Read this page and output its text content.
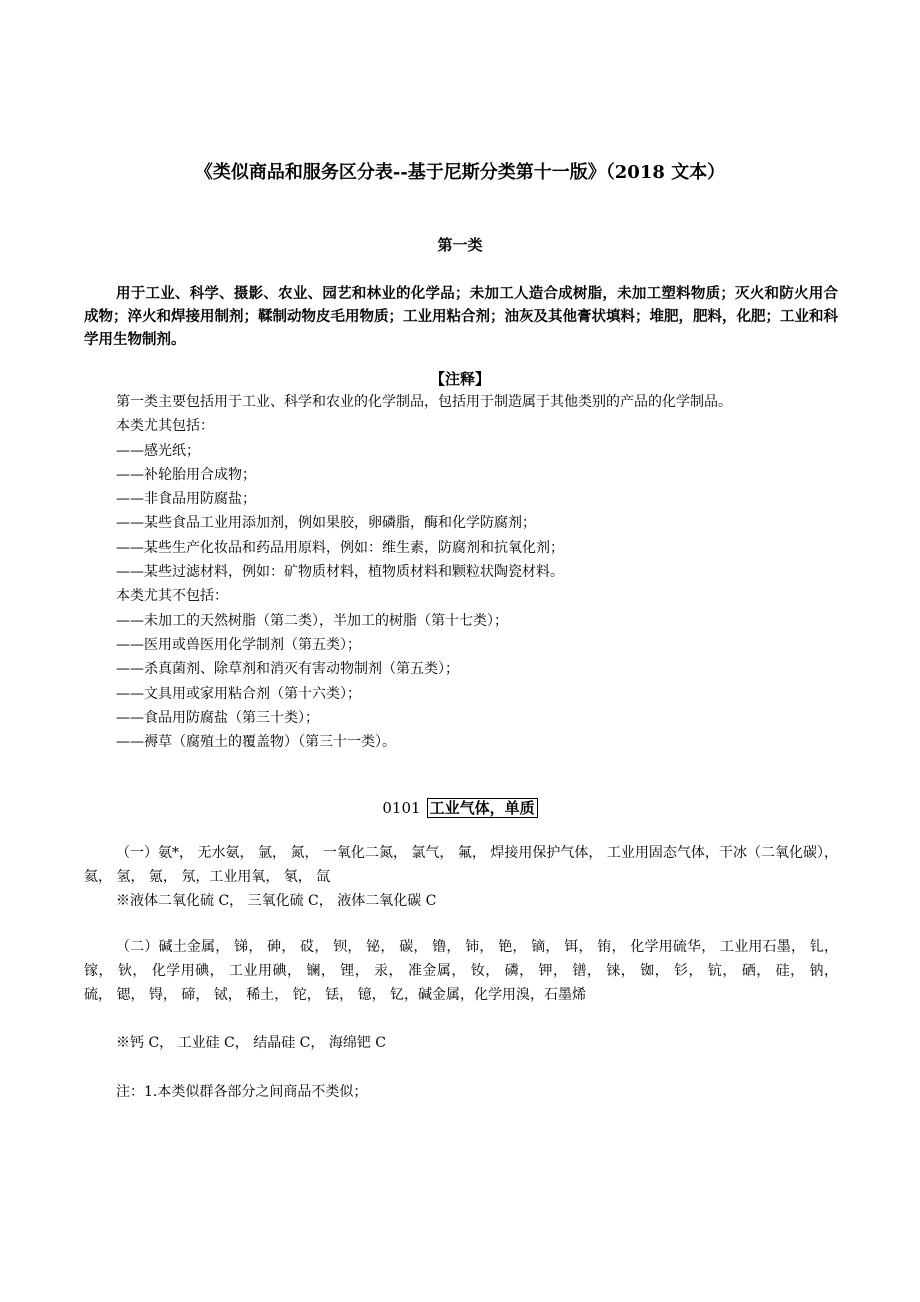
《类似商品和服务区分表--基于尼斯分类第十一版》（2018 文本）
第一类
用于工业、科学、摄影、农业、园艺和林业的化学品；未加工人造合成树脂，未加工塑料物质；灭火和防火用合成物；淬火和焊接用制剂；鞣制动物皮毛用物质；工业用粘合剂；油灰及其他膏状填料；堆肥，肥料，化肥；工业和科学用生物制剂。
【注释】
第一类主要包括用于工业、科学和农业的化学制品，包括用于制造属于其他类别的产品的化学制品。
本类尤其包括：
——感光纸；
——补轮胎用合成物；
——非食品用防腐盐；
——某些食品工业用添加剂，例如果胶，卵磷脂，酶和化学防腐剂；
——某些生产化妆品和药品用原料，例如：维生素，防腐剂和抗氧化剂；
——某些过滤材料，例如：矿物质材料，植物质材料和颗粒状陶瓷材料。
本类尤其不包括：
——未加工的天然树脂（第二类），半加工的树脂（第十七类）；
——医用或兽医用化学制剂（第五类）；
——杀真菌剂、除草剂和消灭有害动物制剂（第五类）；
——文具用或家用粘合剂（第十六类）；
——食品用防腐盐（第三十类）；
——褥草（腐殖土的覆盖物）（第三十一类）。
0101 工业气体，单质
（一）氨*， 无水氨， 氩， 氮， 一氧化二氮， 氯气， 氟， 焊接用保护气体， 工业用固态气体，干冰（二氧化碳）， 氦， 氢， 氪， 氖，工业用氧， 氡， 氙
※液体二氧化硫 C， 三氧化硫 C， 液体二氧化碳 C
（二）碱土金属， 锑， 砷， 砹， 钡， 铋， 碳， 镥， 铈， 铯， 镝， 铒， 铕， 化学用硫华， 工业用石墨， 钆， 镓， 钬， 化学用碘， 工业用碘， 镧， 锂， 汞， 准金属， 钕， 磷， 钾， 镨， 铼， 铷， 钐， 钪， 硒， 硅， 钠， 硫， 锶， 锝， 碲， 铽， 稀土， 铊， 铥， 镱， 钇，碱金属，化学用溴，石墨烯
※钙 C， 工业硅 C， 结晶硅 C， 海绵钯 C
注：1.本类似群各部分之间商品不类似；
